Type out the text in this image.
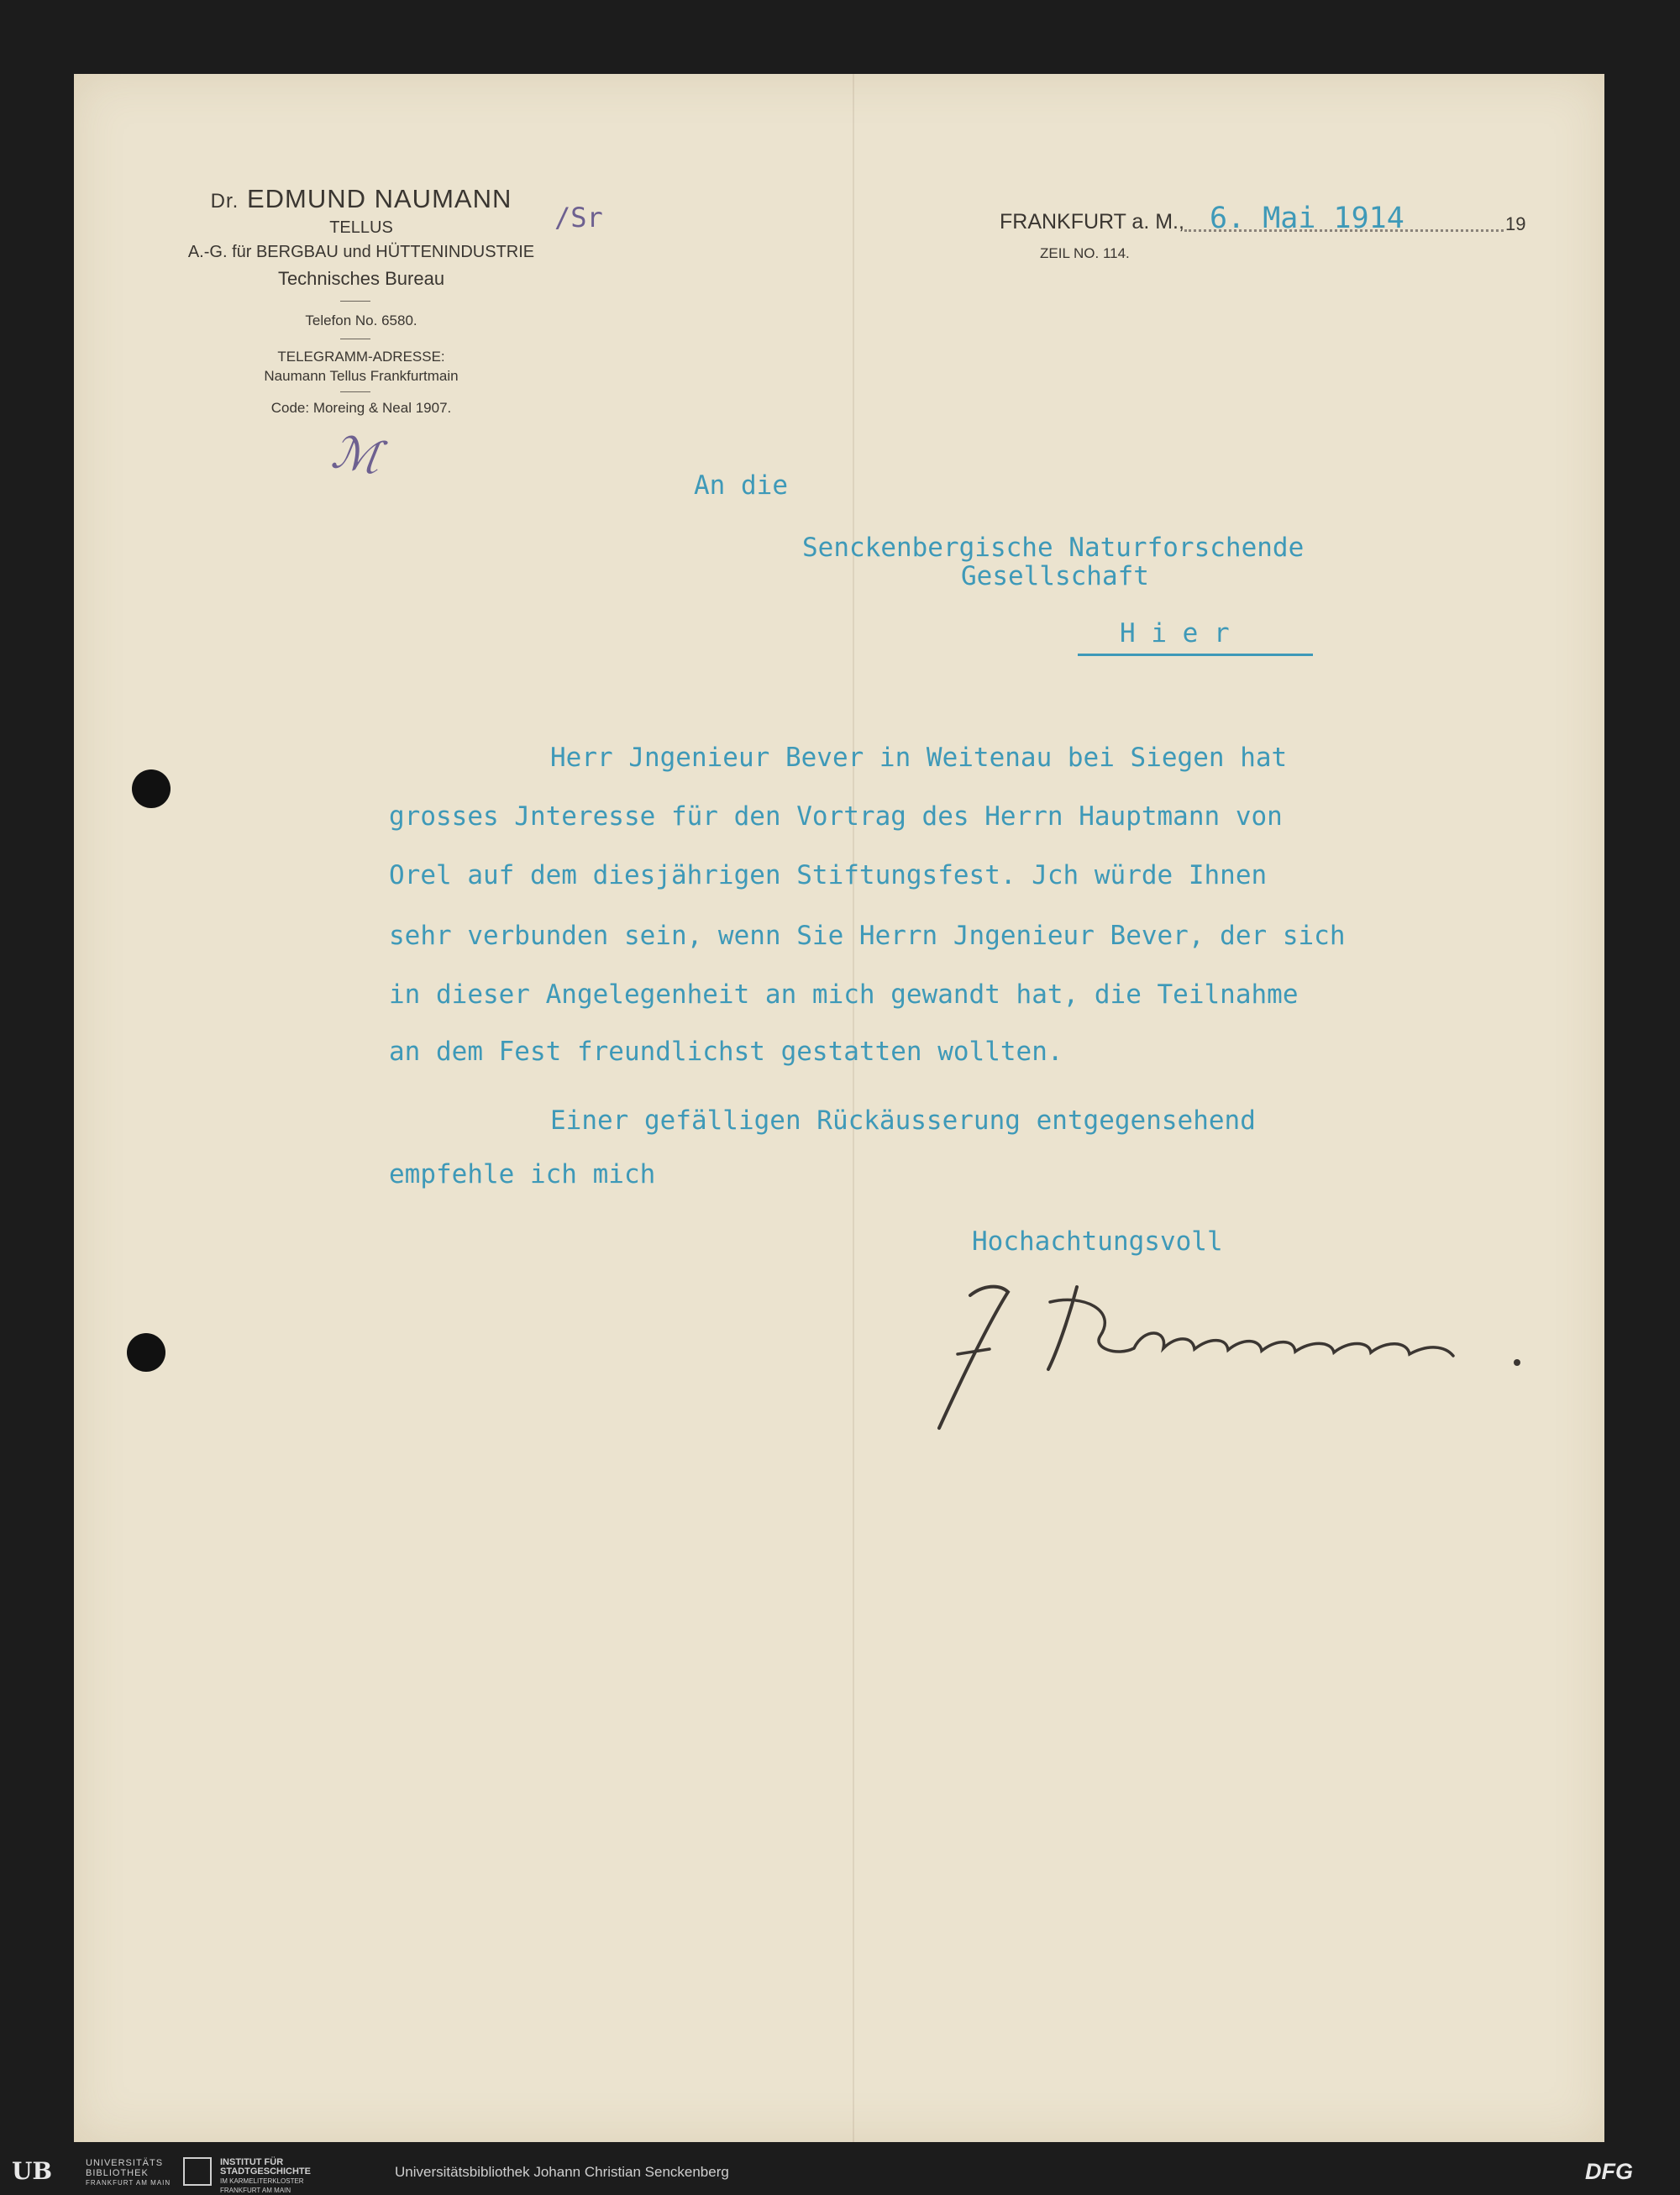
Dr. EDMUND NAUMANN
TELLUS
A.-G. für BERGBAU und HÜTTENINDUSTRIE
Technisches Bureau
Telefon No. 6580.
TELEGRAMM-ADRESSE:
Naumann Tellus Frankfurtmain
Code: Moreing & Neal 1907.
ℳ
/Sr	FRANKFURT a. M., 6. Mai 1914	19
ZEIL NO. 114.
An die
Senckenbergische Naturforschende
Gesellschaft
H i e r
Herr Jngenieur Bever in Weitenau bei Siegen hat
grosses Jnteresse für den Vortrag des Herrn Hauptmann von
Orel auf dem diesjährigen Stiftungsfest. Jch würde Ihnen
sehr verbunden sein, wenn Sie Herrn Jngenieur Bever, der sich
in dieser Angelegenheit an mich gewandt hat, die Teilnahme
an dem Fest freundlichst gestatten wollten.
Einer gefälligen Rückäusserung entgegensehend
empfehle ich mich
Hochachtungsvoll
UB	UNIVERSITÄTS
BIBLIOTHEK
FRANKFURT AM MAIN
INSTITUT FÜR
STADTGESCHICHTE
IM KARMELITERKLOSTER
FRANKFURT AM MAIN
Universitätsbibliothek Johann Christian Senckenberg	DFG
